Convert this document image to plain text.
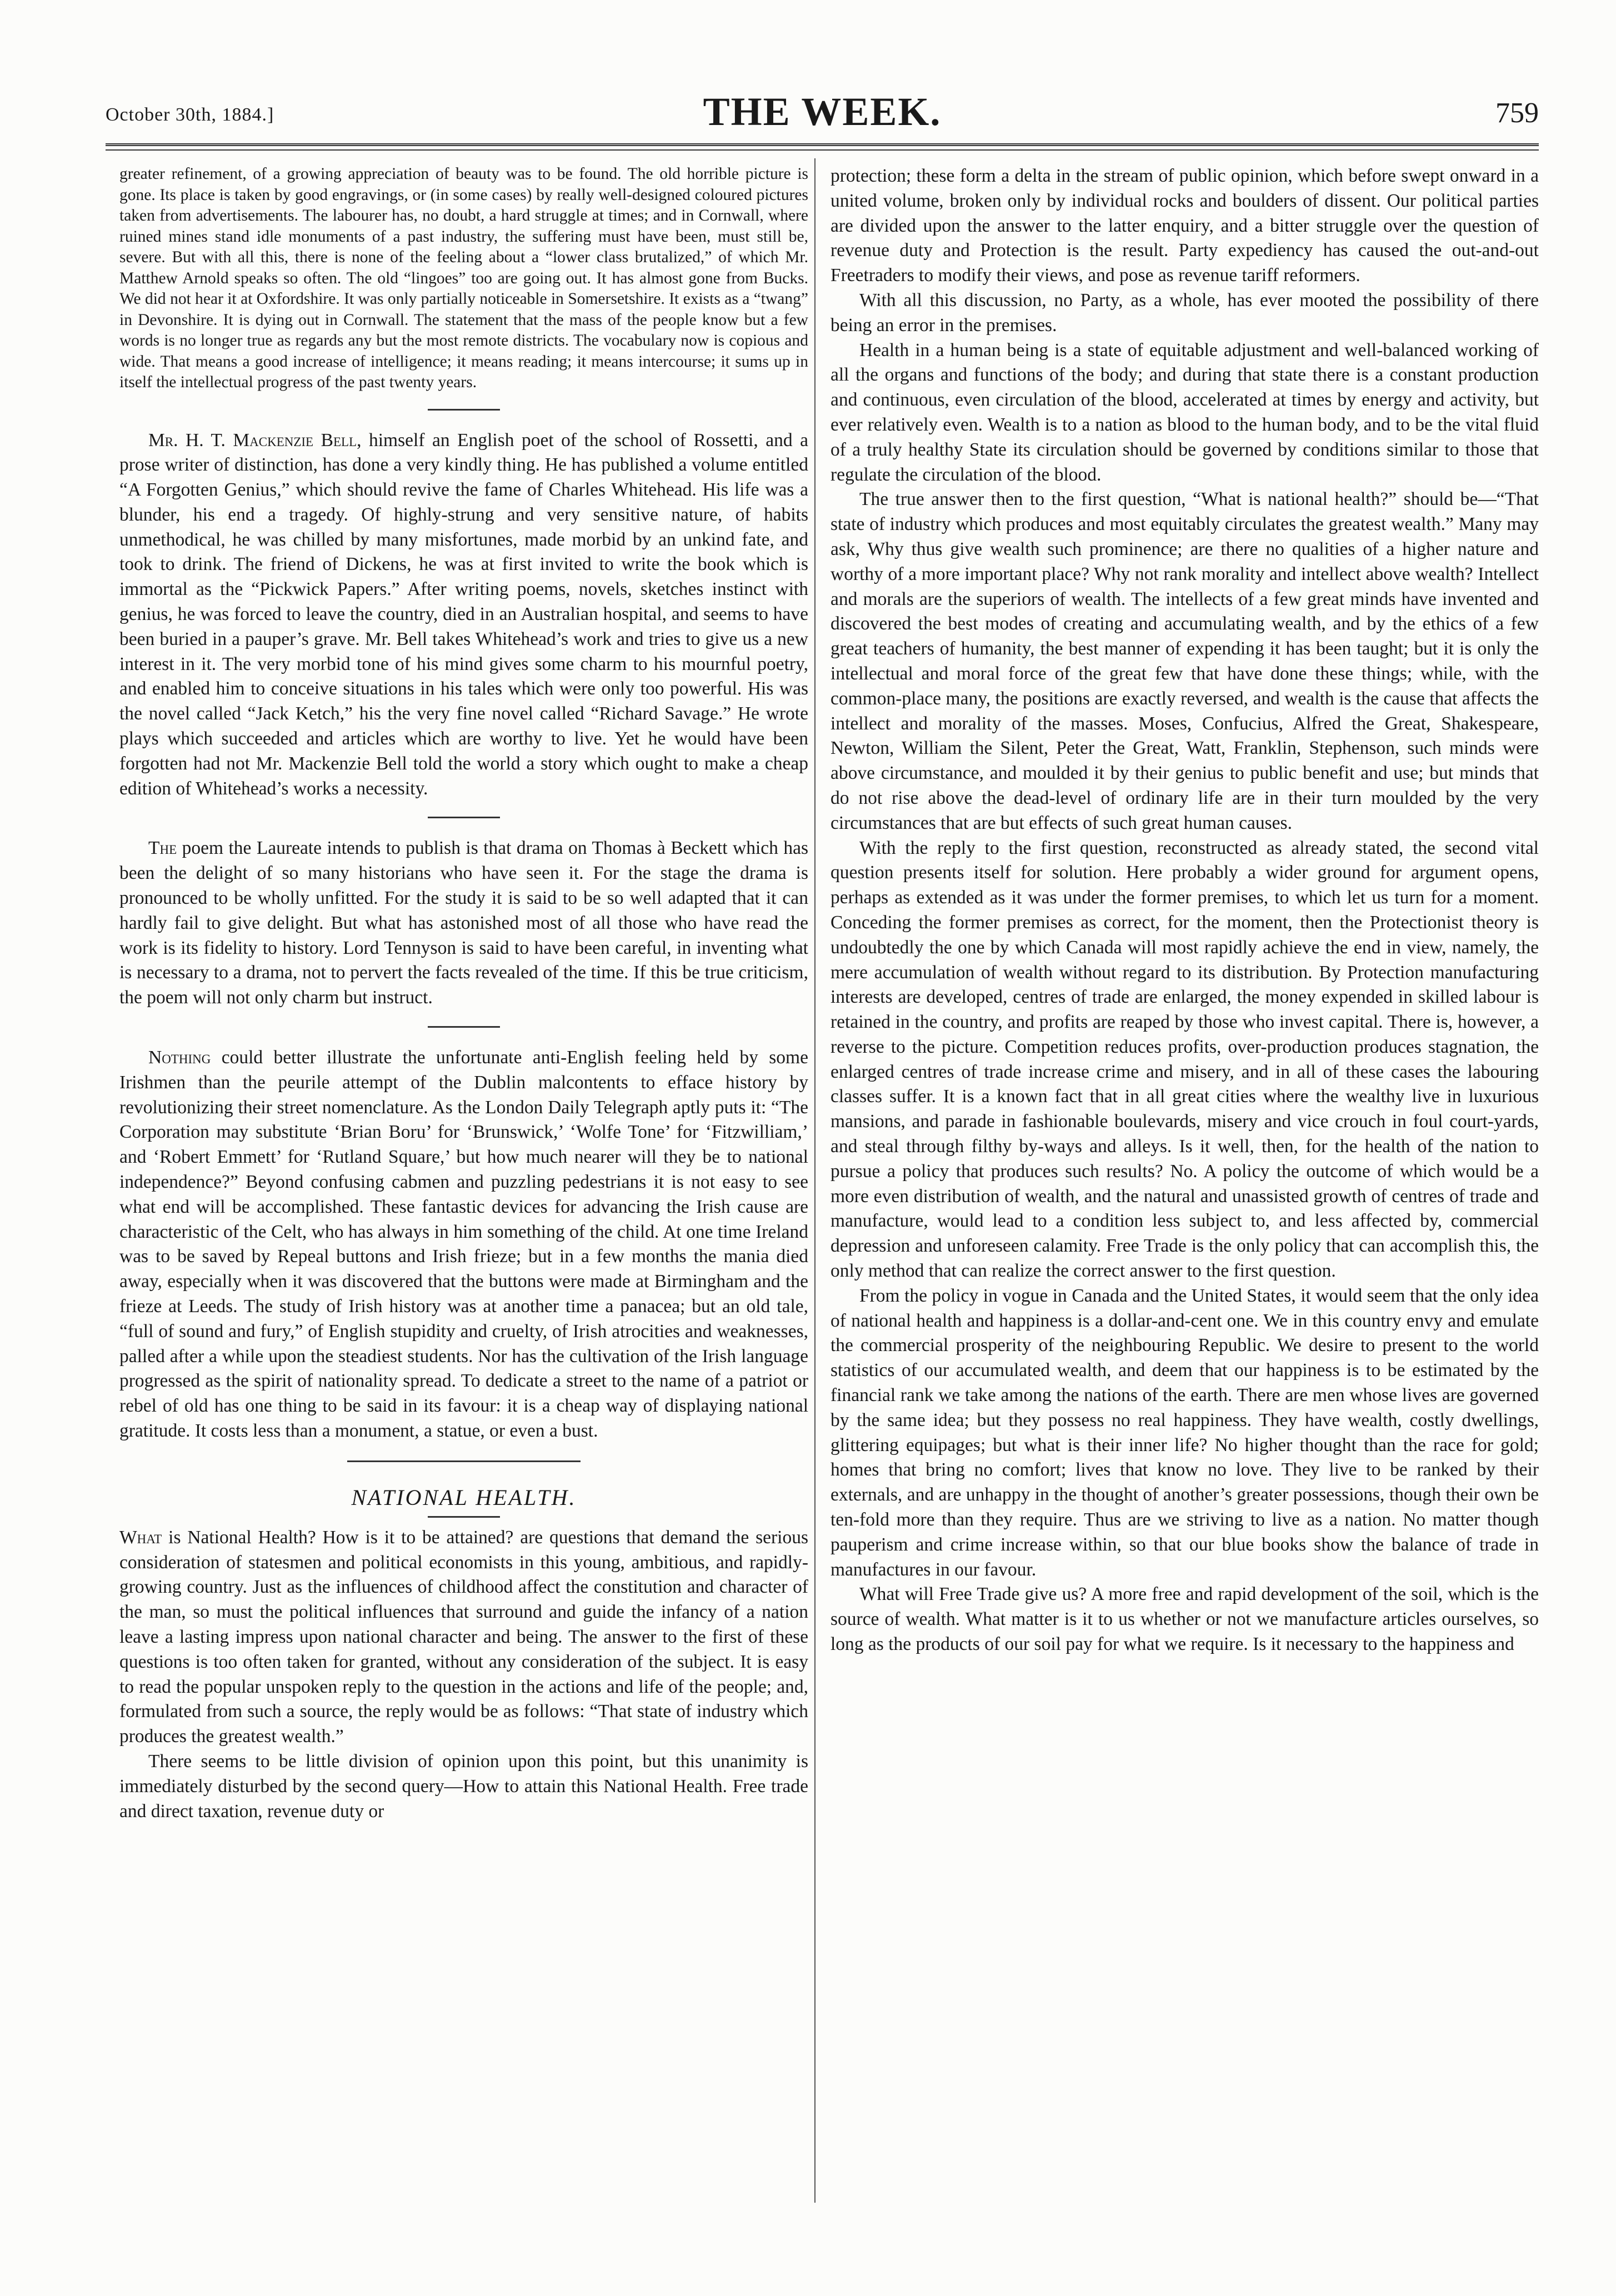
October 30th, 1884.]	THE WEEK.	759

greater refinement, of a growing appreciation of beauty was to be found. The old horrible picture is gone. Its place is taken by good engravings, or (in some cases) by really well-designed coloured pictures taken from advertisements. The labourer has, no doubt, a hard struggle at times; and in Cornwall, where ruined mines stand idle monuments of a past industry, the suffering must have been, must still be, severe. But with all this, there is none of the feeling about a “lower class brutalized,” of which Mr. Matthew Arnold speaks so often. The old “lingoes” too are going out. It has almost gone from Bucks. We did not hear it at Oxfordshire. It was only partially noticeable in Somersetshire. It exists as a “twang” in Devonshire. It is dying out in Cornwall. The statement that the mass of the people know but a few words is no longer true as regards any but the most remote districts. The vocabulary now is copious and wide. That means a good increase of intelligence; it means reading; it means intercourse; it sums up in itself the intellectual progress of the past twenty years.

Mr. H. T. Mackenzie Bell, himself an English poet of the school of Rossetti, and a prose writer of distinction, has done a very kindly thing. He has published a volume entitled “A Forgotten Genius,” which should revive the fame of Charles Whitehead. His life was a blunder, his end a tragedy. Of highly-strung and very sensitive nature, of habits unmethodical, he was chilled by many misfortunes, made morbid by an unkind fate, and took to drink. The friend of Dickens, he was at first invited to write the book which is immortal as the “Pickwick Papers.” After writing poems, novels, sketches instinct with genius, he was forced to leave the country, died in an Australian hospital, and seems to have been buried in a pauper’s grave. Mr. Bell takes Whitehead’s work and tries to give us a new interest in it. The very morbid tone of his mind gives some charm to his mournful poetry, and enabled him to conceive situations in his tales which were only too powerful. His was the novel called “Jack Ketch,” his the very fine novel called “Richard Savage.” He wrote plays which succeeded and articles which are worthy to live. Yet he would have been forgotten had not Mr. Mackenzie Bell told the world a story which ought to make a cheap edition of Whitehead’s works a necessity.

The poem the Laureate intends to publish is that drama on Thomas à Beckett which has been the delight of so many historians who have seen it. For the stage the drama is pronounced to be wholly unfitted. For the study it is said to be so well adapted that it can hardly fail to give delight. But what has astonished most of all those who have read the work is its fidelity to history. Lord Tennyson is said to have been careful, in inventing what is necessary to a drama, not to pervert the facts revealed of the time. If this be true criticism, the poem will not only charm but instruct.

Nothing could better illustrate the unfortunate anti-English feeling held by some Irishmen than the peurile attempt of the Dublin malcontents to efface history by revolutionizing their street nomenclature. As the London Daily Telegraph aptly puts it: “The Corporation may substitute ‘Brian Boru’ for ‘Brunswick,’ ‘Wolfe Tone’ for ‘Fitzwilliam,’ and ‘Robert Emmett’ for ‘Rutland Square,’ but how much nearer will they be to national independence?” Beyond confusing cabmen and puzzling pedestrians it is not easy to see what end will be accomplished. These fantastic devices for advancing the Irish cause are characteristic of the Celt, who has always in him something of the child. At one time Ireland was to be saved by Repeal buttons and Irish frieze; but in a few months the mania died away, especially when it was discovered that the buttons were made at Birmingham and the frieze at Leeds. The study of Irish history was at another time a panacea; but an old tale, “full of sound and fury,” of English stupidity and cruelty, of Irish atrocities and weaknesses, palled after a while upon the steadiest students. Nor has the cultivation of the Irish language progressed as the spirit of nationality spread. To dedicate a street to the name of a patriot or rebel of old has one thing to be said in its favour: it is a cheap way of displaying national gratitude. It costs less than a monument, a statue, or even a bust.

NATIONAL HEALTH.

What is National Health? How is it to be attained? are questions that demand the serious consideration of statesmen and political economists in this young, ambitious, and rapidly-growing country. Just as the influences of childhood affect the constitution and character of the man, so must the political influences that surround and guide the infancy of a nation leave a lasting impress upon national character and being. The answer to the first of these questions is too often taken for granted, without any consideration of the subject. It is easy to read the popular unspoken reply to the question in the actions and life of the people; and, formulated from such a source, the reply would be as follows: “That state of industry which produces the greatest wealth.”

There seems to be little division of opinion upon this point, but this unanimity is immediately disturbed by the second query—How to attain this National Health. Free trade and direct taxation, revenue duty or

protection; these form a delta in the stream of public opinion, which before swept onward in a united volume, broken only by individual rocks and boulders of dissent. Our political parties are divided upon the answer to the latter enquiry, and a bitter struggle over the question of revenue duty and Protection is the result. Party expediency has caused the out-and-out Freetraders to modify their views, and pose as revenue tariff reformers.

With all this discussion, no Party, as a whole, has ever mooted the possibility of there being an error in the premises.

Health in a human being is a state of equitable adjustment and well-balanced working of all the organs and functions of the body; and during that state there is a constant production and continuous, even circulation of the blood, accelerated at times by energy and activity, but ever relatively even. Wealth is to a nation as blood to the human body, and to be the vital fluid of a truly healthy State its circulation should be governed by conditions similar to those that regulate the circulation of the blood.

The true answer then to the first question, “What is national health?” should be—“That state of industry which produces and most equitably circulates the greatest wealth.” Many may ask, Why thus give wealth such prominence; are there no qualities of a higher nature and worthy of a more important place? Why not rank morality and intellect above wealth? Intellect and morals are the superiors of wealth. The intellects of a few great minds have invented and discovered the best modes of creating and accumulating wealth, and by the ethics of a few great teachers of humanity, the best manner of expending it has been taught; but it is only the intellectual and moral force of the great few that have done these things; while, with the common-place many, the positions are exactly reversed, and wealth is the cause that affects the intellect and morality of the masses. Moses, Confucius, Alfred the Great, Shakespeare, Newton, William the Silent, Peter the Great, Watt, Franklin, Stephenson, such minds were above circumstance, and moulded it by their genius to public benefit and use; but minds that do not rise above the dead-level of ordinary life are in their turn moulded by the very circumstances that are but effects of such great human causes.

With the reply to the first question, reconstructed as already stated, the second vital question presents itself for solution. Here probably a wider ground for argument opens, perhaps as extended as it was under the former premises, to which let us turn for a moment. Conceding the former premises as correct, for the moment, then the Protectionist theory is undoubtedly the one by which Canada will most rapidly achieve the end in view, namely, the mere accumulation of wealth without regard to its distribution. By Protection manufacturing interests are developed, centres of trade are enlarged, the money expended in skilled labour is retained in the country, and profits are reaped by those who invest capital. There is, however, a reverse to the picture. Competition reduces profits, over-production produces stagnation, the enlarged centres of trade increase crime and misery, and in all of these cases the labouring classes suffer. It is a known fact that in all great cities where the wealthy live in luxurious mansions, and parade in fashionable boulevards, misery and vice crouch in foul court-yards, and steal through filthy by-ways and alleys. Is it well, then, for the health of the nation to pursue a policy that produces such results? No. A policy the outcome of which would be a more even distribution of wealth, and the natural and unassisted growth of centres of trade and manufacture, would lead to a condition less subject to, and less affected by, commercial depression and unforeseen calamity. Free Trade is the only policy that can accomplish this, the only method that can realize the correct answer to the first question.

From the policy in vogue in Canada and the United States, it would seem that the only idea of national health and happiness is a dollar-and-cent one. We in this country envy and emulate the commercial prosperity of the neighbouring Republic. We desire to present to the world statistics of our accumulated wealth, and deem that our happiness is to be estimated by the financial rank we take among the nations of the earth. There are men whose lives are governed by the same idea; but they possess no real happiness. They have wealth, costly dwellings, glittering equipages; but what is their inner life? No higher thought than the race for gold; homes that bring no comfort; lives that know no love. They live to be ranked by their externals, and are unhappy in the thought of another’s greater possessions, though their own be ten-fold more than they require. Thus are we striving to live as a nation. No matter though pauperism and crime increase within, so that our blue books show the balance of trade in manufactures in our favour.

What will Free Trade give us? A more free and rapid development of the soil, which is the source of wealth. What matter is it to us whether or not we manufacture articles ourselves, so long as the products of our soil pay for what we require. Is it necessary to the happiness and
